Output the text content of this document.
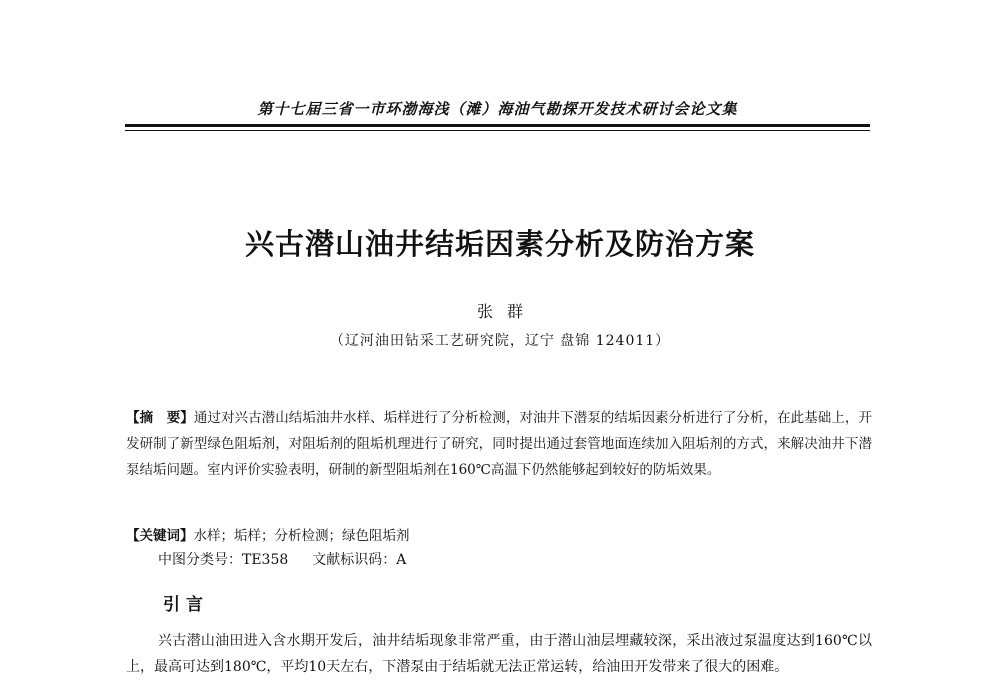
第十七届三省一市环渤海浅（滩）海油气勘探开发技术研讨会论文集
兴古潜山油井结垢因素分析及防治方案
张群
（辽河油田钻采工艺研究院，辽宁 盘锦 124011）
【摘　要】通过对兴古潜山结垢油井水样、垢样进行了分析检测，对油井下潜泵的结垢因素分析进行了分析，在此基础上，开发研制了新型绿色阻垢剂，对阻垢剂的阻垢机理进行了研究，同时提出通过套管地面连续加入阻垢剂的方式，来解决油井下潜泵结垢问题。室内评价实验表明，研制的新型阻垢剂在160℃高温下仍然能够起到较好的防垢效果。
【关键词】水样；垢样；分析检测；绿色阻垢剂
中图分类号：TE358 文献标识码：A
引言
兴古潜山油田进入含水期开发后，油井结垢现象非常严重，由于潜山油层埋藏较深，采出液过泵温度达到160℃以上，最高可达到180℃，平均10天左右，下潜泵由于结垢就无法正常运转，给油田开发带来了很大的困难。
